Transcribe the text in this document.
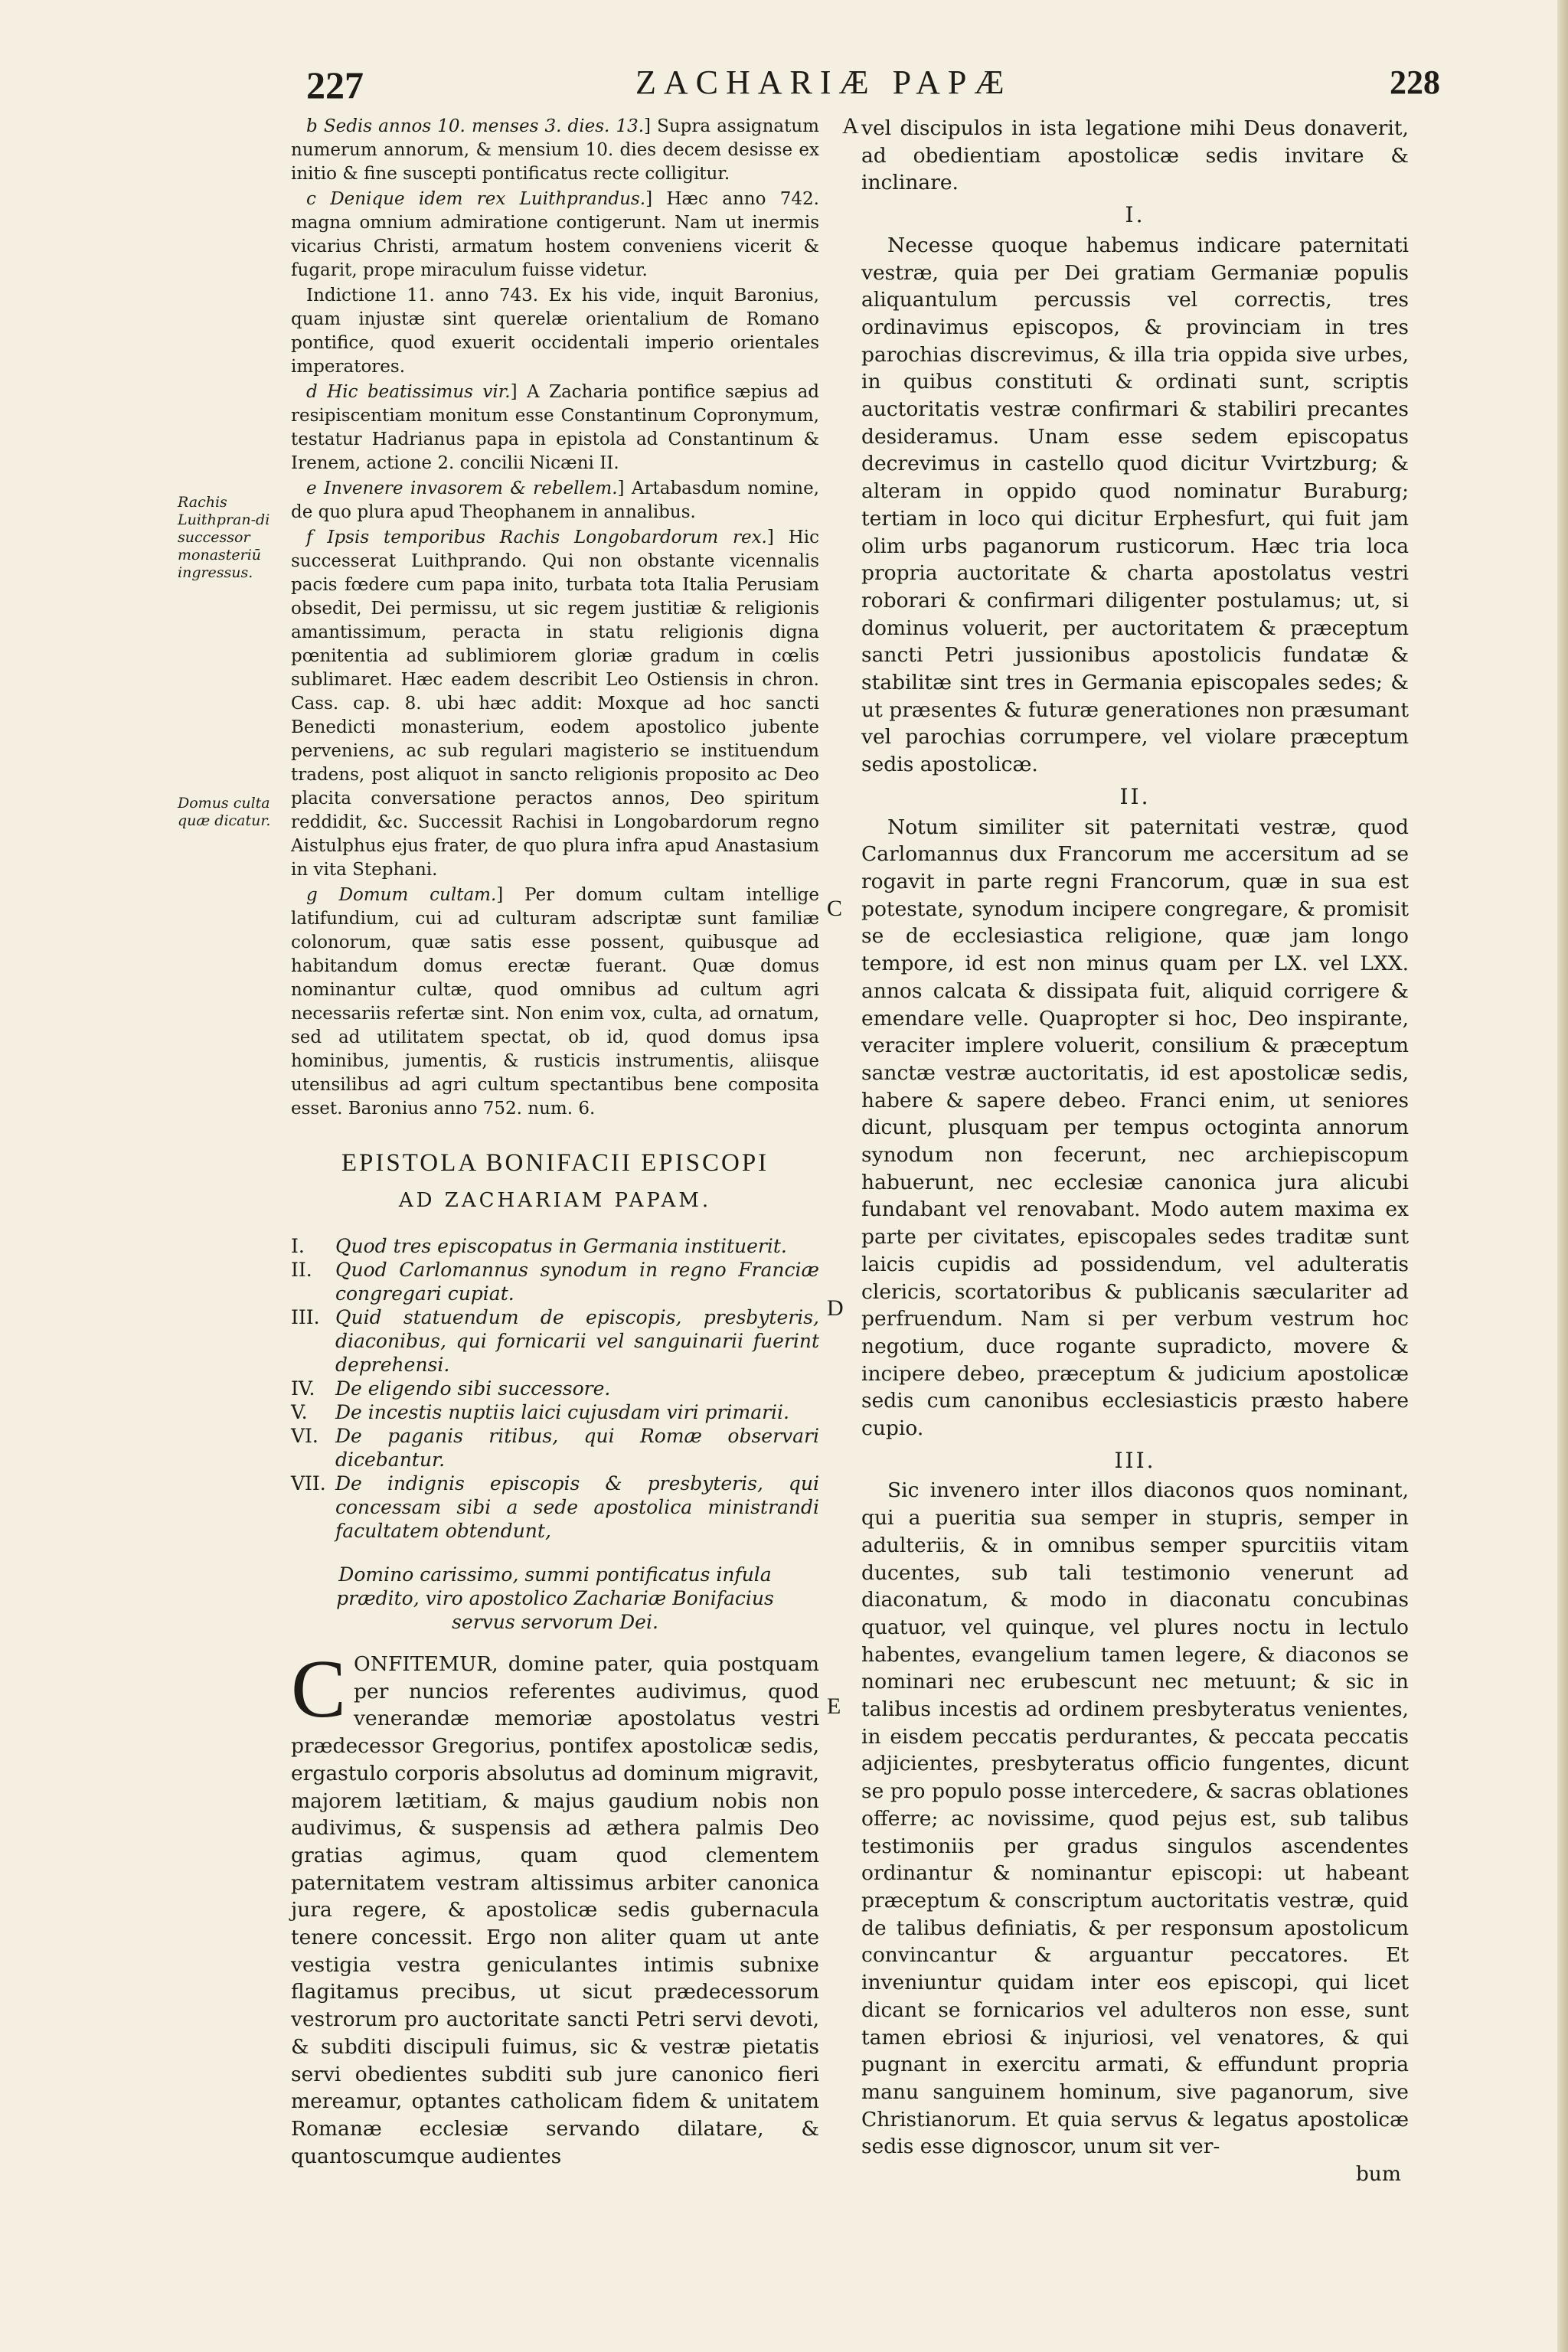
227	ZACHARIÆ PAPÆ	228
A
C
D
E
Rachis Luithpran-di successor monasteriū ingressus.
Domus culta quæ dicatur.

b Sedis annos 10. menses 3. dies. 13.] Supra assignatum numerum annorum, & mensium 10. dies decem desisse ex initio & fine suscepti pontificatus recte colligitur.

c Denique idem rex Luithprandus.] Hæc anno 742. magna omnium admiratione contigerunt. Nam ut inermis vicarius Christi, armatum hostem conveniens vicerit & fugarit, prope miraculum fuisse videtur.

Indictione 11. anno 743. Ex his vide, inquit Baronius, quam injustæ sint querelæ orientalium de Romano pontifice, quod exuerit occidentali imperio orientales imperatores.

d Hic beatissimus vir.] A Zacharia pontifice sæpius ad resipiscentiam monitum esse Constantinum Copronymum, testatur Hadrianus papa in epistola ad Constantinum & Irenem, actione 2. concilii Nicæni II.

e Invenere invasorem & rebellem.] Artabasdum nomine, de quo plura apud Theophanem in annalibus.

f Ipsis temporibus Rachis Longobardorum rex.] Hic successerat Luithprando. Qui non obstante vicennalis pacis fœdere cum papa inito, turbata tota Italia Perusiam obsedit, Dei permissu, ut sic regem justitiæ & religionis amantissimum, peracta in statu religionis digna pœnitentia ad sublimiorem gloriæ gradum in cœlis sublimaret. Hæc eadem describit Leo Ostiensis in chron. Cass. cap. 8. ubi hæc addit: Moxque ad hoc sancti Benedicti monasterium, eodem apostolico jubente perveniens, ac sub regulari magisterio se instituendum tradens, post aliquot in sancto religionis proposito ac Deo placita conversatione peractos annos, Deo spiritum reddidit, &c. Successit Rachisi in Longobardorum regno Aistulphus ejus frater, de quo plura infra apud Anastasium in vita Stephani.

g Domum cultam.] Per domum cultam intellige latifundium, cui ad culturam adscriptæ sunt familiæ colonorum, quæ satis esse possent, quibusque ad habitandum domus erectæ fuerant. Quæ domus nominantur cultæ, quod omnibus ad cultum agri necessariis refertæ sint. Non enim vox, culta, ad ornatum, sed ad utilitatem spectat, ob id, quod domus ipsa hominibus, jumentis, & rusticis instrumentis, aliisque utensilibus ad agri cultum spectantibus bene composita esset. Baronius anno 752. num. 6.

EPISTOLA BONIFACII EPISCOPI
AD ZACHARIAM PAPAM.
I.	Quod tres episcopatus in Germania instituerit.
II.	Quod Carlomannus synodum in regno Franciæ congregari cupiat.
III. Quid statuendum de episcopis, presbyteris, diaconibus, qui fornicarii vel sanguinarii fuerint deprehensi.
IV.	De eligendo sibi successore.
V.	De incestis nuptiis laici cujusdam viri primarii.
VI. De paganis ritibus, qui Romæ observari dicebantur.
VII. De indignis episcopis & presbyteris, qui concessam sibi a sede apostolica ministrandi facultatem obtendunt,
Domino carissimo, summi pontificatus infula prædito, viro apostolico Zachariæ Bonifacius servus servorum Dei.
CONFITEMUR, domine pater, quia postquam per nuncios referentes audivimus, quod venerandæ memoriæ apostolatus vestri prædecessor Gregorius, pontifex apostolicæ sedis, ergastulo corporis absolutus ad dominum migravit, majorem lætitiam, & majus gaudium nobis non audivimus, & suspensis ad æthera palmis Deo gratias agimus, quam quod clementem paternitatem vestram altissimus arbiter canonica jura regere, & apostolicæ sedis gubernacula tenere concessit. Ergo non aliter quam ut ante vestigia vestra geniculantes intimis subnixe flagitamus precibus, ut sicut prædecessorum vestrorum pro auctoritate sancti Petri servi devoti, & subditi discipuli fuimus, sic & vestræ pietatis servi obedientes subditi sub jure canonico fieri mereamur, optantes catholicam fidem & unitatem Romanæ ecclesiæ servando dilatare, & quantoscumque audientes

vel discipulos in ista legatione mihi Deus donaverit, ad obedientiam apostolicæ sedis invitare & inclinare.

I.

Necesse quoque habemus indicare paternitati vestræ, quia per Dei gratiam Germaniæ populis aliquantulum percussis vel correctis, tres ordinavimus episcopos, & provinciam in tres parochias discrevimus, & illa tria oppida sive urbes, in quibus constituti & ordinati sunt, scriptis auctoritatis vestræ confirmari & stabiliri precantes desideramus. Unam esse sedem episcopatus decrevimus in castello quod dicitur Vvirtzburg; & alteram in oppido quod nominatur Buraburg; tertiam in loco qui dicitur Erphesfurt, qui fuit jam olim urbs paganorum rusticorum. Hæc tria loca propria auctoritate & charta apostolatus vestri roborari & confirmari diligenter postulamus; ut, si dominus voluerit, per auctoritatem & præceptum sancti Petri jussionibus apostolicis fundatæ & stabilitæ sint tres in Germania episcopales sedes; & ut præsentes & futuræ generationes non præsumant vel parochias corrumpere, vel violare præceptum sedis apostolicæ.

II.

Notum similiter sit paternitati vestræ, quod Carlomannus dux Francorum me accersitum ad se rogavit in parte regni Francorum, quæ in sua est potestate, synodum incipere congregare, & promisit se de ecclesiastica religione, quæ jam longo tempore, id est non minus quam per LX. vel LXX. annos calcata & dissipata fuit, aliquid corrigere & emendare velle. Quapropter si hoc, Deo inspirante, veraciter implere voluerit, consilium & præceptum sanctæ vestræ auctoritatis, id est apostolicæ sedis, habere & sapere debeo. Franci enim, ut seniores dicunt, plusquam per tempus octoginta annorum synodum non fecerunt, nec archiepiscopum habuerunt, nec ecclesiæ canonica jura alicubi fundabant vel renovabant. Modo autem maxima ex parte per civitates, episcopales sedes traditæ sunt laicis cupidis ad possidendum, vel adulteratis clericis, scortatoribus & publicanis sæculariter ad perfruendum. Nam si per verbum vestrum hoc negotium, duce rogante supradicto, movere & incipere debeo, præceptum & judicium apostolicæ sedis cum canonibus ecclesiasticis præsto habere cupio.

III.

Sic invenero inter illos diaconos quos nominant, qui a pueritia sua semper in stupris, semper in adulteriis, & in omnibus semper spurcitiis vitam ducentes, sub tali testimonio venerunt ad diaconatum, & modo in diaconatu concubinas quatuor, vel quinque, vel plures noctu in lectulo habentes, evangelium tamen legere, & diaconos se nominari nec erubescunt nec metuunt; & sic in talibus incestis ad ordinem presbyteratus venientes, in eisdem peccatis perdurantes, & peccata peccatis adjicientes, presbyteratus officio fungentes, dicunt se pro populo posse intercedere, & sacras oblationes offerre; ac novissime, quod pejus est, sub talibus testimoniis per gradus singulos ascendentes ordinantur & nominantur episcopi: ut habeant præceptum & conscriptum auctoritatis vestræ, quid de talibus definiatis, & per responsum apostolicum convincantur & arguantur peccatores. Et inveniuntur quidam inter eos episcopi, qui licet dicant se fornicarios vel adulteros non esse, sunt tamen ebriosi & injuriosi, vel venatores, & qui pugnant in exercitu armati, & effundunt propria manu sanguinem hominum, sive paganorum, sive Christianorum. Et quia servus & legatus apostolicæ sedis esse dignoscor, unum sit ver-

bum
